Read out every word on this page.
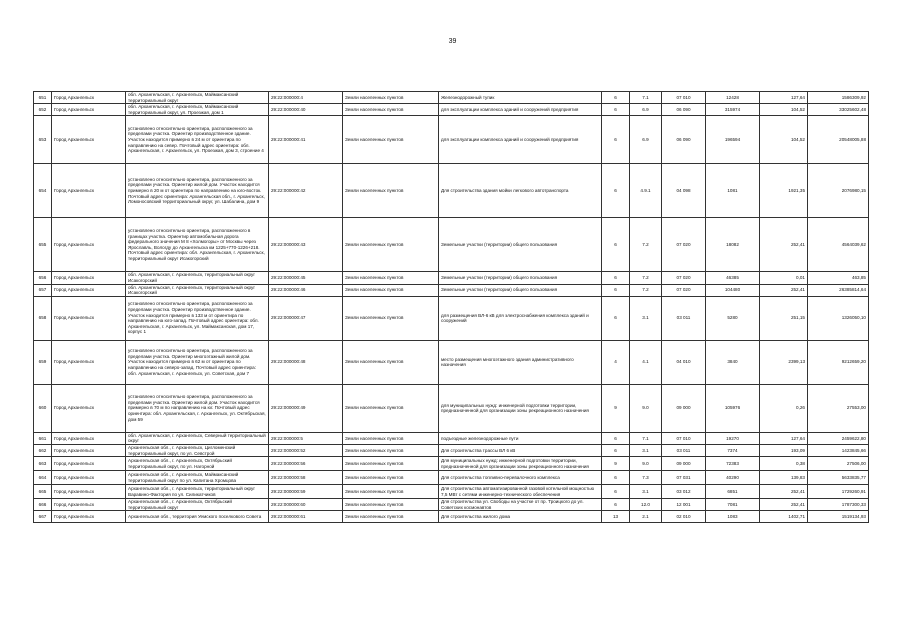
39
651	Город Архангельск	обл. Архангельская, г. Архангельск, Маймаксанский территориальный округ	29:22:000000:4	Земли населенных пунктов	Железнодорожный тупик	6	7.1	07 010	12428	127,64	1586309,92
652	Город Архангельск	обл. Архангельская, г. Архангельск, Маймаксанский территориальный округ, ул. Проезжая, дом 1	29:22:000000:40	Земли населенных пунктов	для эксплуатации комплекса зданий и сооружений предприятия	6	6.9	06 090	315974	104,52	33025602,48
653	Город Архангельск	установлено относительно ориентира, расположенного за пределами участка. Ориентир производственное здание. Участок находится примерно в 24 м от ориентира по направлению на север. Почтовый адрес ориентира: обл. Архангельская, г. Архангельск, ул. Проезжая, дом 3, строение 4	29:22:000000:41	Земли населенных пунктов	для эксплуатации комплекса зданий и сооружений предприятия	6	6.9	06 090	196594	104,52	20548005,88
654	Город Архангельск	установлено относительно ориентира, расположенного за пределами участка. Ориентир жилой дом. Участок находится примерно в 20 м от ориентира по направлению на юго-восток. Почтовый адрес ориентира: Архангельская обл., г. Архангельск, Ломоносовский территориальный округ, ул. Шабалина, дом 9	29:22:000000:42	Земли населенных пунктов	Для строительства здания мойки легкового автотранспорта	6	4.9.1	04 098	1081	1921,35	2076980,15
655	Город Архангельск	установлено относительно ориентира, расположенного в границах участка. Ориентир автомобильная дорога федерального значения М 8 «Холмогоры» от Москвы через Ярославль, Вологду до Архангельска км 1225+770-1226+218. Почтовый адрес ориентира: обл. Архангельская, г. Архангельск, территориальный округ Исакогорский	29:22:000000:43	Земли населенных пунктов	Земельные участки (территории) общего пользования	6	7.2	07 020	18082	252,41	4564039,62
656	Город Архангельск	обл. Архангельская, г. Архангельск, территориальный округ Исакогорский	29:22:000000:45	Земли населенных пунктов	Земельные участки (территории) общего пользования	6	7.2	07 020	46385	0,01	463,85
657	Город Архангельск	обл. Архангельская, г. Архангельск, территориальный округ Исакогорский	29:22:000000:46	Земли населенных пунктов	Земельные участки (территории) общего пользования	6	7.2	07 020	104480	252,41	26385814,64
658	Город Архангельск	установлено относительно ориентира, расположенного за пределами участка. Ориентир производственное здание. Участок находится примерно в 133 м от ориентира по направлению на юго-запад. Почтовый адрес ориентира: обл. Архангельская, г. Архангельск, ул. Маймаксанская, дом 17, корпус 1	29:22:000000:47	Земли населенных пунктов	для размещения ВЛ-6 кВ для электроснабжения комплекса зданий и сооружений	6	3.1	03 011	5280	251,15	1326050,10
659	Город Архангельск	установлено относительно ориентира, расположенного за пределами участка. Ориентир многоэтажный жилой дом. Участок находится примерно в 62 м от ориентира по направлению на северо-запад. Почтовый адрес ориентира: обл. Архангельская, г. Архангельск, ул. Советская, дом 7	29:22:000000:48	Земли населенных пунктов	место размещения многоэтажного здания административного назначения	4	4.1	04 010	3840	2399,13	9212659,20
660	Город Архангельск	установлено относительно ориентира, расположенного за пределами участка. Ориентир жилой дом. Участок находится примерно в 70 м по направлению на юг. Почтовый адрес ориентира: обл. Архангельская, г. Архангельск, ул. Октябрьская, дом 59	29:22:000000:49	Земли населенных пунктов	для муниципальных нужд: инженерной подготовки территории, предназначенной для организации зоны рекреационного назначения	9	9.0	09 000	105976	0,26	27553,00
661	Город Архангельск	обл. Архангельская, г. Архангельск, Северный территориальный округ	29:22:000000:5	Земли населенных пунктов	подъездные железнодорожные пути	6	7.1	07 010	19270	127,64	2459622,80
662	Город Архангельск	Архангельская обл., г. Архангельск, Цигломенский территориальный округ, по ул. Севстрой	29:22:000000:52	Земли населенных пунктов	Для строительства трассы ВЛ 6 кВ	6	3.1	03 011	7374	193,09	1423845,66
663	Город Архангельск	Архангельская обл., г. Архангельск, Октябрьский территориальный округ, по ул. Нагорной	29:22:000000:56	Земли населенных пунктов	Для муниципальных нужд: инженерной подготовки территории, предназначенной для организации зоны рекреационного назначения	9	9.0	09 000	72383	0,38	27506,00
664	Город Архангельск	Архангельская обл., г. Архангельск, Маймаксанский территориальный округ по ул. Капитана Хромцова	29:22:000000:58	Земли населенных пунктов	Для строительства топливно-перевалочного комплекса	6	7.3	07 031	40290	139,83	5633835,77
665	Город Архангельск	Архангельская обл., г. Архангельск, территориальный округ Варавино-Фактория по ул. Силикатчиков	29:22:000000:59	Земли населенных пунктов	Для строительства автоматизированной газовой котельной мощностью 7,5 МВт с сетями инженерно-технического обеспечения	6	3.1	03 012	6851	252,41	1729260,91
666	Город Архангельск	Архангельская обл., г. Архангельск, Октябрьский территориальный округ	29:22:000000:60	Земли населенных пунктов	Для строительства ул. Свободы на участке от пр. Троицкого до ул. Советских космонавтов	6	12.0	12 001	7081	252,41	1787300,33
667	Город Архангельск	Архангельская обл., территория Уемского поселкового Совета	29:22:000000:61	Земли населенных пунктов	Для строительства жилого дома	13	2.1	02 010	1083	1402,71	1519134,93
